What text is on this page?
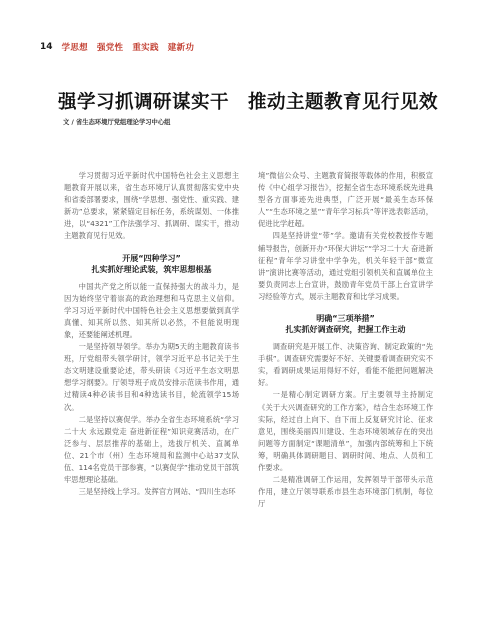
14 学思想 强党性 重实践 建新功
强学习抓调研谋实干　推动主题教育见行见效
文 / 省生态环境厅党组理论学习中心组

学习贯彻习近平新时代中国特色社会主义思想主题教育开展以来，省生态环境厅认真贯彻落实党中央和省委部署要求，围绕“学思想、强党性、重实践、建新功”总要求，紧紧锚定目标任务，系统谋划、一体推进，以“4321”工作法强学习、抓调研、谋实干，推动主题教育见行见效。

开展“四种学习”
扎实抓好理论武装，筑牢思想根基

中国共产党之所以能一直保持强大的战斗力，是因为始终坚守着崇高的政治理想和马克思主义信仰。学习习近平新时代中国特色社会主义思想要做到真学真懂、知其所以然、知其所以必然，不但能说明现象，还要能阐述机理。

一是坚持领导领学。举办为期5天的主题教育读书班，厅党组带头领学研讨，领学习近平总书记关于生态文明建设重要论述，带头研读《习近平生态文明思想学习纲要》。厅领导班子成员安排示范读书作用，通过精读4种必读书目和4种选读书目，轮流领学15场次。

二是坚持以赛促学。举办全省生态环境系统“学习二十大 永远跟党走 奋进新征程”知识竞赛活动，在广泛参与、层层推荐的基础上，选拔厅机关、直属单位、21个市（州）生态环境局和监测中心站37支队伍、114名党员干部参赛，“以赛促学”推动党员干部筑牢思想理论基础。

三是坚持线上学习。发挥官方网站、“四川生态环

境”微信公众号、主题教育简报等载体的作用，积极宣传《中心组学习报告》，挖掘全省生态环境系统先进典型各方面事迹先进典型，广泛开展“最美生态环保人”“生态环境之星”“青年学习标兵”等评选表彰活动，促进比学赶超。

四是坚持讲堂“带”学。邀请有关党校教授作专题辅导报告，创新开办“环保大讲坛”“学习二十大 奋进新征程”青年学习讲堂中学争先，机关年轻干部“微宣讲”演讲比赛等活动，通过党组引领机关和直属单位主要负责同志上台宣讲，鼓励青年党员干部上台宣讲学习经验等方式，展示主题教育和比学习成果。

明确“三项举措”
扎实抓好调查研究，把握工作主动

调查研究是开展工作、决策咨询、制定政策的“先手棋”。调查研究需要好不好、关键要看调查研究实不实，看调研成果运用得好不好，看能不能把问题解决好。

一是精心制定调研方案。厅主要领导主持制定《关于大兴调查研究的工作方案》，结合生态环境工作实际，经过自上向下、自下而上反复研究讨论、征求意见，围绕美丽四川建设、生态环境领域存在的突出问题等方面制定“课题清单”，加强内部统筹和上下统筹，明确具体调研题目、调研时间、地点、人员和工作要求。

二是精准调研工作运用，发挥领导干部带头示范作用，建立厅领导联系市县生态环境部门机制，每位厅
